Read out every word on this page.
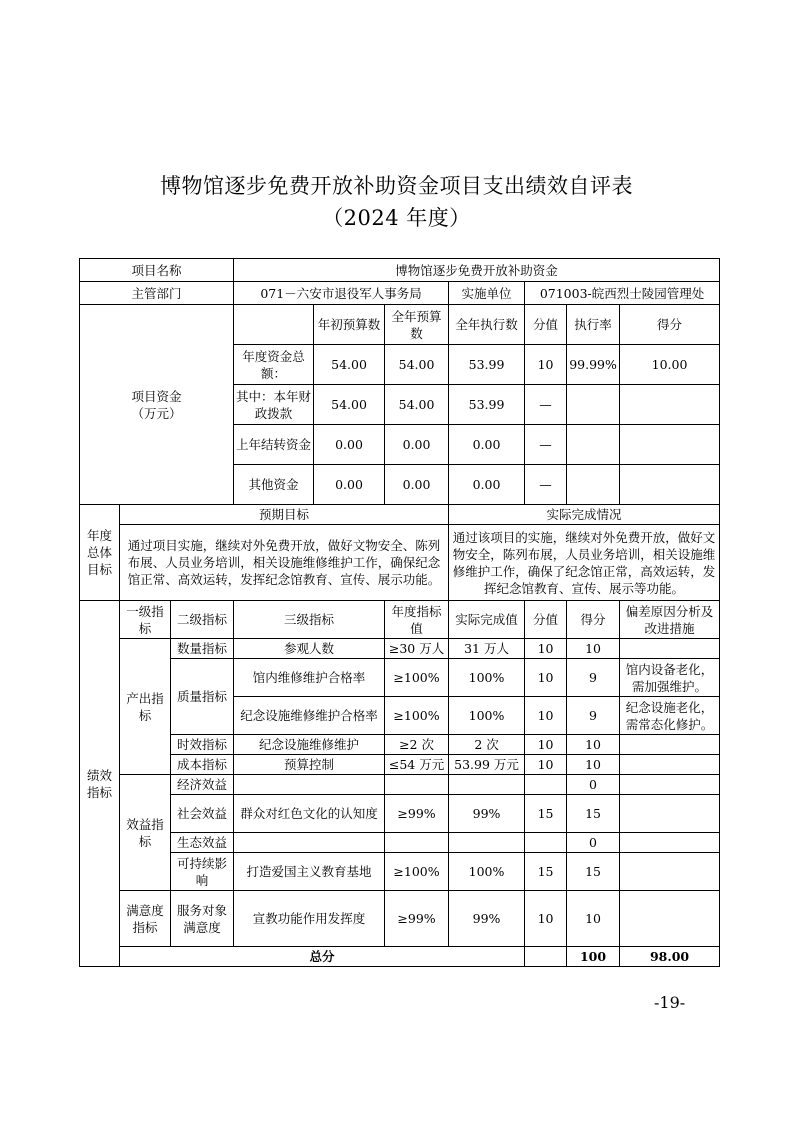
博物馆逐步免费开放补助资金项目支出绩效自评表
（2024 年度）
项目名称			博物馆逐步免费开放补助资金							
主管部门			071－六安市退役军人事务局			实施单位	071003-皖西烈士陵园管理处			
项目资金
（万元）				年初预算数	全年预算数	全年执行数	分值	执行率	得分	
			年度资金总额：	54.00	54.00	53.99	10	99.99%	10.00	
			其中：本年财政拨款	54.00	54.00	53.99	—			
			上年结转资金	0.00	0.00	0.00	—			
			其他资金	0.00	0.00	0.00	—			
年度总体目标	预期目标					实际完成情况				
	通过项目实施，继续对外免费开放，做好文物安全、陈列布展、人员业务培训，相关设施维修维护工作，确保纪念馆正常、高效运转，发挥纪念馆教育、宣传、展示功能。					通过该项目的实施，继续对外免费开放，做好文物安全，陈列布展，人员业务培训，相关设施维修维护工作，确保了纪念馆正常，高效运转，发挥纪念馆教育、宣传、展示等功能。				
绩效指标	一级指标	二级指标	三级指标		年度指标值	实际完成值	分值	得分	偏差原因分析及改进措施	
	产出指标	数量指标	参观人数		≥30 万人	31 万人	10	10		
		质量指标	馆内维修维护合格率		≥100%	100%	10	9	馆内设备老化，需加强维护。	
			纪念设施维修维护合格率		≥100%	100%	10	9	纪念设施老化，需常态化修护。	
		时效指标	纪念设施维修维护		≥2 次	2 次	10	10		
		成本指标	预算控制		≤54 万元	53.99 万元	10	10		
	效益指标	经济效益						0		
		社会效益	群众对红色文化的认知度		≥99%	99%	15	15		
		生态效益						0		
		可持续影响	打造爱国主义教育基地		≥100%	100%	15	15		
	满意度指标	服务对象满意度	宣教功能作用发挥度		≥99%	99%	10	10		
	总分							100	98.00	
-19-
